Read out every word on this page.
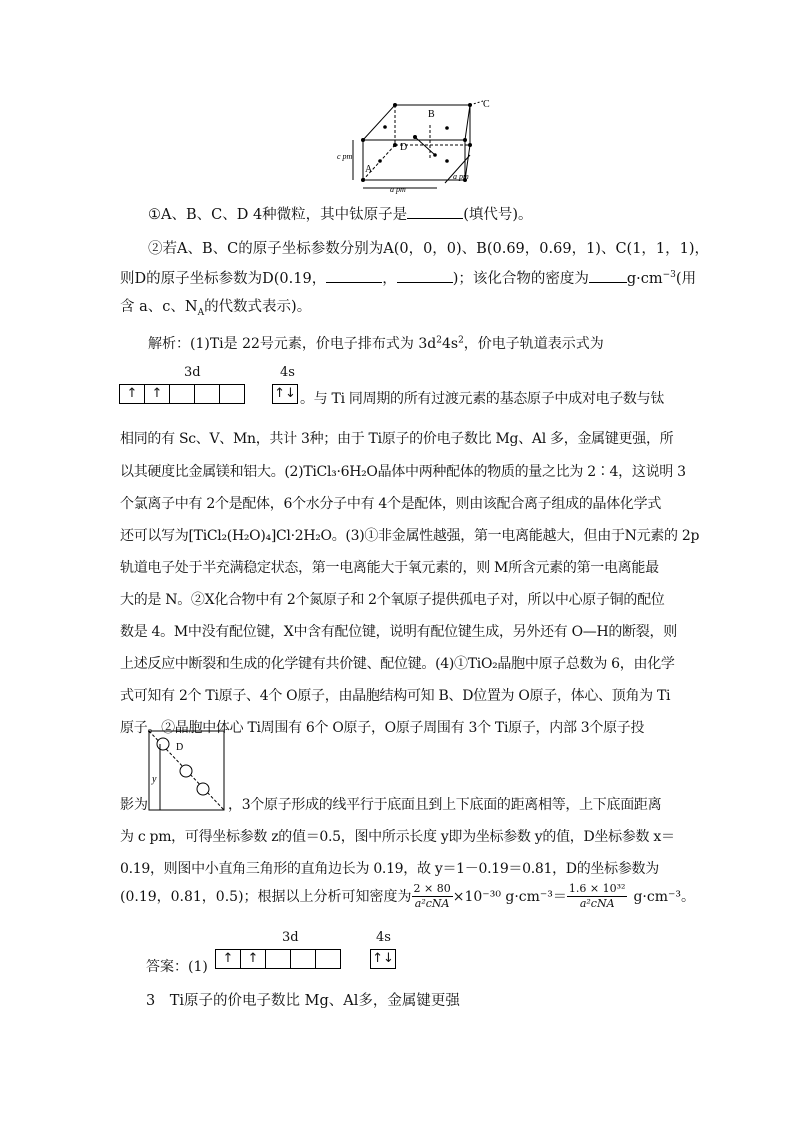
A
B
C
D
c pm
a pm
a pm
①A、B、C、D 4种微粒，其中钛原子是	(填代号)。
②若A、B、C的原子坐标参数分别为A(0，0，0)、B(0.69，0.69，1)、C(1，1，1)，
则D的原子坐标参数为D(0.19，	，	)；该化合物的密度为	$g\cdot cm^{-3}$(用
含 a、c、$N_A$的代数式表示)。
解析：(1)Ti是 22号元素，价电子排布式为 $3d^24s^2$，价电子轨道表示式为
3d	4s
↑ ↑	↑↓ 。与 Ti 同周期的所有过渡元素的基态原子中成对电子数与钛
相同的有 Sc、V、Mn，共计 3种；由于 Ti原子的价电子数比 Mg、Al 多，金属键更强，所
以其硬度比金属镁和铝大。(2)TiCl₃·6H₂O晶体中两种配体的物质的量之比为 2∶4，这说明 3
个氯离子中有 2个是配体，6个水分子中有 4个是配体，则由该配合离子组成的晶体化学式
还可以写为[TiCl₂(H₂O)₄]Cl·2H₂O。(3)①非金属性越强，第一电离能越大，但由于N元素的 2p
轨道电子处于半充满稳定状态，第一电离能大于氧元素的，则 M所含元素的第一电离能最
大的是 N。②X化合物中有 2个氮原子和 2个氧原子提供孤电子对，所以中心原子铜的配位
数是 4。M中没有配位键，X中含有配位键，说明有配位键生成，另外还有 O—H的断裂，则
上述反应中断裂和生成的化学键有共价键、配位键。(4)①TiO₂晶胞中原子总数为 6，由化学
式可知有 2个 Ti原子、4个 O原子，由晶胞结构可知 B、D位置为 O原子，体心、顶角为 Ti
原子。②晶胞中体心 Ti周围有 6个 O原子，O原子周围有 3个 Ti原子，内部 3个原子投
影为
D
y
，3个原子形成的线平行于底面且到上下底面的距离相等，上下底面距离
为 c pm，可得坐标参数 z的值＝0.5，图中所示长度 y即为坐标参数 y的值，D坐标参数 x＝
0.19，则图中小直角三角形的直角边长为 0.19，故 y＝1－0.19＝0.81，D的坐标参数为
(0.19，0.81，0.5)；根据以上分析可知密度为 $\frac{2 \times 80}{\text{a²cNA}} \times 10^{-30}$ $g\cdot cm^{-3}= \frac{\text{1.6 × 10³²}}{\text{a²cNA}} g\cdot cm^{-3}$。
答案：(1)
3d	4s
↑ ↑	↑↓
3　Ti原子的价电子数比 Mg、Al多，金属键更强
